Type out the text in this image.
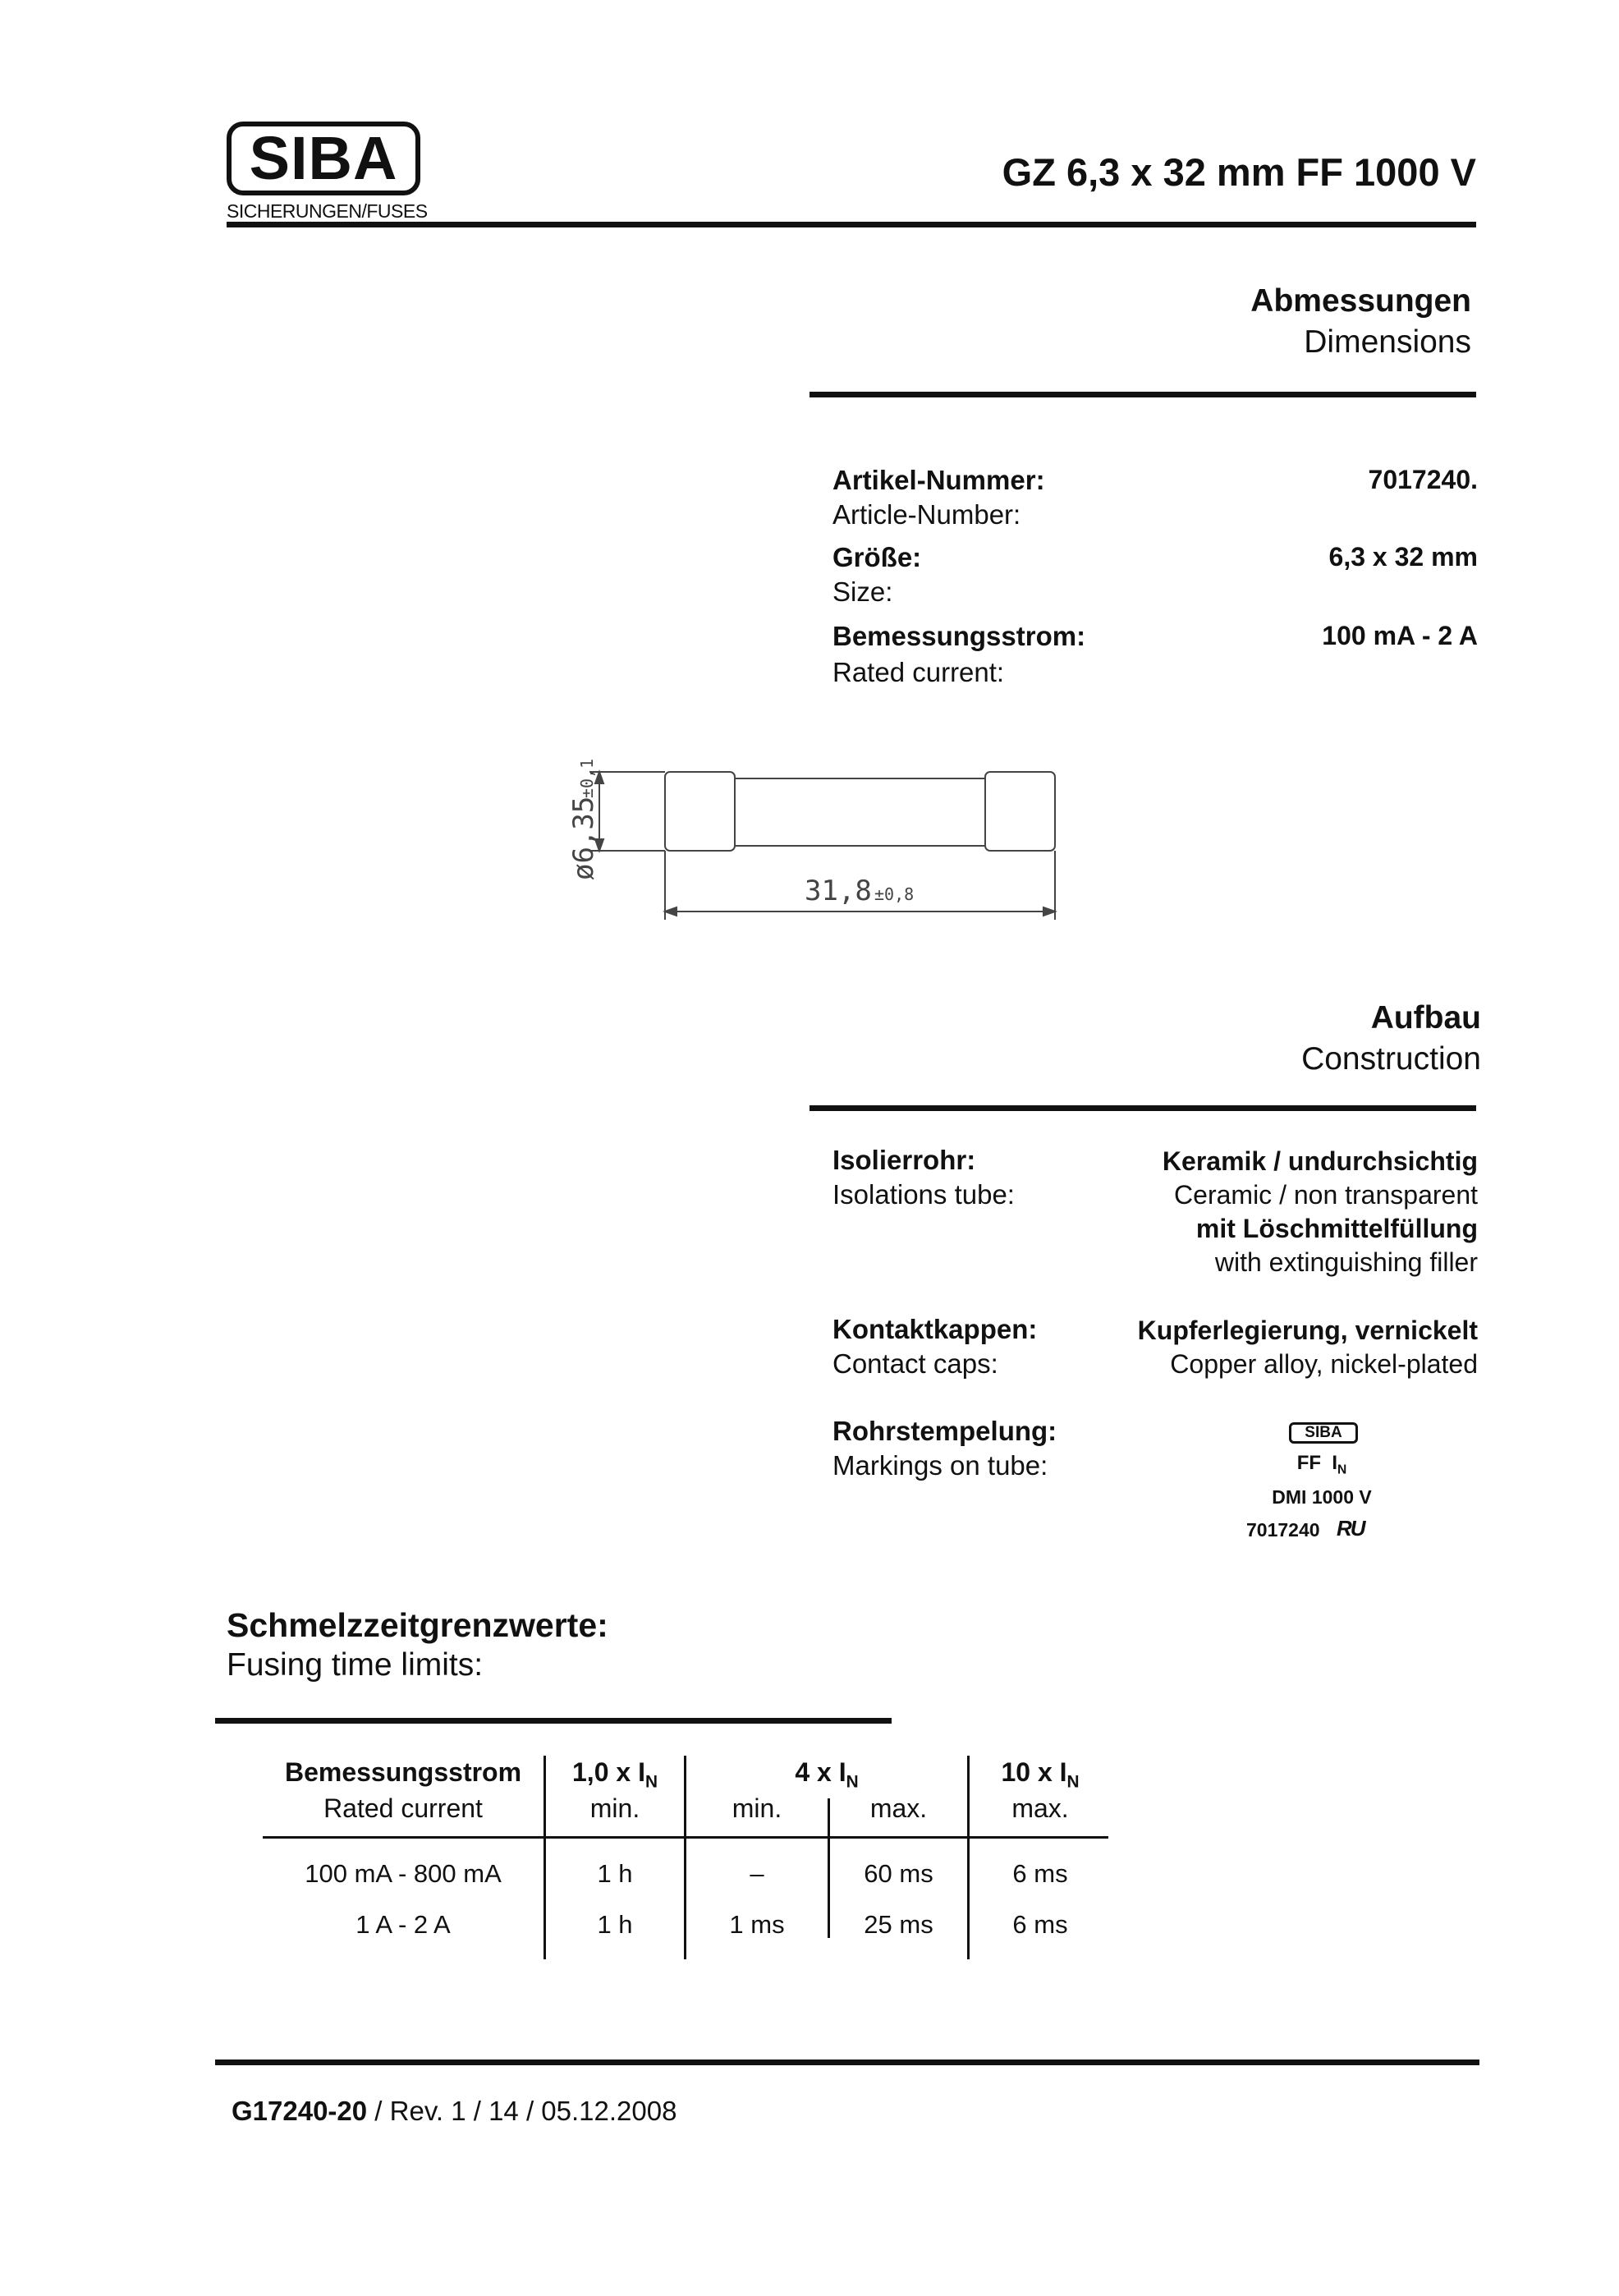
SIBA
SICHERUNGEN/FUSES
GZ 6,3 x 32 mm FF 1000 V
Abmessungen
Dimensions
Artikel-Nummer:
Article-Number:
7017240.
Größe:
Size:
6,3 x 32 mm
Bemessungsstrom:
Rated current:
100 mA - 2 A
ø6,35
±0,1
31,8 ±0,8
Aufbau
Construction
Isolierrohr:
Isolations tube:
Keramik / undurchsichtig
Ceramic / non transparent
mit Löschmittelfüllung
with extinguishing filler
Kontaktkappen:
Contact caps:
Kupferlegierung, vernickelt
Copper alloy, nickel-plated
Rohrstempelung:
Markings on tube:
SIBA
FF $I_N$
DMI 1000 V
7017240 RU
Schmelzzeitgrenzwerte:
Fusing time limits:
Bemessungsstrom
Rated current
1,0 x $I_N$
min.
4 x $I_N$
min.	max.
10 x $I_N$
max.
100 mA - 800 mA	1 h	–	60 ms	6 ms
1 A - 2 A	1 h	1 ms	25 ms	6 ms
G17240-20 / Rev. 1 / 14 / 05.12.2008
